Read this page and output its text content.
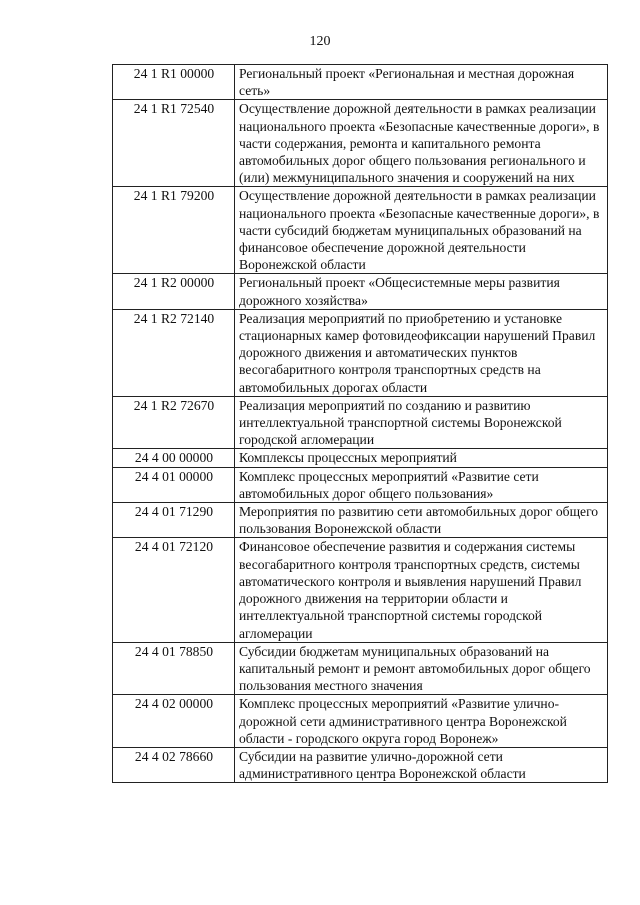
120
24 1 R1 00000	Региональный проект «Региональная и местная дорожная сеть»
24 1 R1 72540	Осуществление дорожной деятельности в рамках реализации национального проекта «Безопасные качественные дороги», в части содержания, ремонта и капитального ремонта автомобильных дорог общего пользования регионального и (или) межмуниципального значения и сооружений на них
24 1 R1 79200	Осуществление дорожной деятельности в рамках реализации национального проекта «Безопасные качественные дороги», в части субсидий бюджетам муниципальных образований на финансовое обеспечение дорожной деятельности Воронежской области
24 1 R2 00000	Региональный проект «Общесистемные меры развития дорожного хозяйства»
24 1 R2 72140	Реализация мероприятий по приобретению и установке стационарных камер фотовидеофиксации нарушений Правил дорожного движения и автоматических пунктов весогабаритного контроля транспортных средств на автомобильных дорогах области
24 1 R2 72670	Реализация мероприятий по созданию и развитию интеллектуальной транспортной системы Воронежской городской агломерации
24 4 00 00000	Комплексы процессных мероприятий
24 4 01 00000	Комплекс процессных мероприятий «Развитие сети автомобильных дорог общего пользования»
24 4 01 71290	Мероприятия по развитию сети автомобильных дорог общего пользования Воронежской области
24 4 01 72120	Финансовое обеспечение развития и содержания системы весогабаритного контроля транспортных средств, системы автоматического контроля и выявления нарушений Правил дорожного движения на территории области и интеллектуальной транспортной системы городской агломерации
24 4 01 78850	Субсидии бюджетам муниципальных образований на капитальный ремонт и ремонт автомобильных дорог общего пользования местного значения
24 4 02 00000	Комплекс процессных мероприятий «Развитие улично-дорожной сети административного центра Воронежской области - городского округа город Воронеж»
24 4 02 78660	Субсидии на развитие улично-дорожной сети административного центра Воронежской области
